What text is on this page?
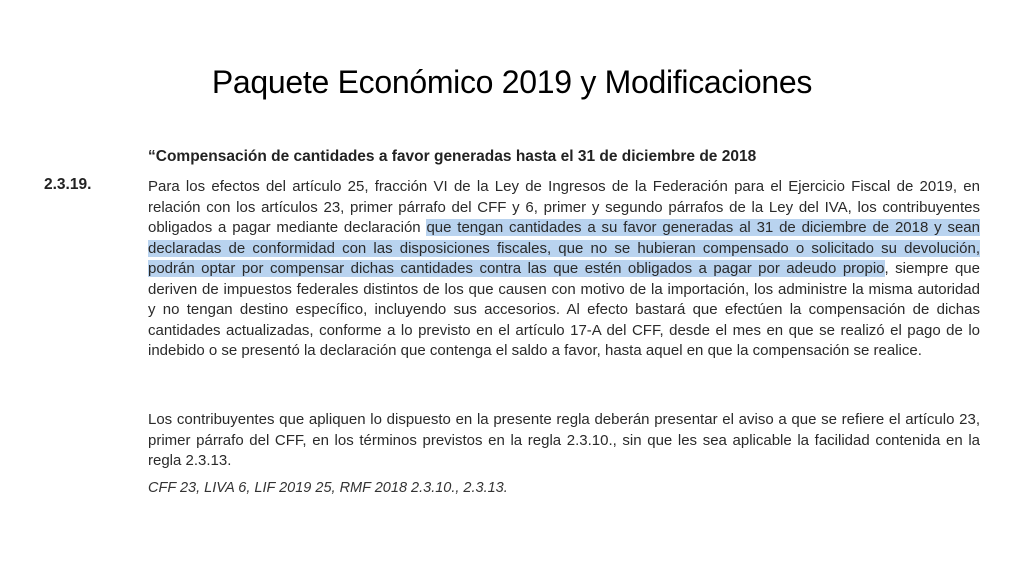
Paquete Económico 2019 y Modificaciones
“Compensación de cantidades a favor generadas hasta el 31 de diciembre de 2018
2.3.19.	Para los efectos del artículo 25, fracción VI de la Ley de Ingresos de la Federación para el Ejercicio Fiscal de 2019, en relación con los artículos 23, primer párrafo del CFF y 6, primer y segundo párrafos de la Ley del IVA, los contribuyentes obligados a pagar mediante declaración que tengan cantidades a su favor generadas al 31 de diciembre de 2018 y sean declaradas de conformidad con las disposiciones fiscales, que no se hubieran compensado o solicitado su devolución, podrán optar por compensar dichas cantidades contra las que estén obligados a pagar por adeudo propio, siempre que deriven de impuestos federales distintos de los que causen con motivo de la importación, los administre la misma autoridad y no tengan destino específico, incluyendo sus accesorios. Al efecto bastará que efectúen la compensación de dichas cantidades actualizadas, conforme a lo previsto en el artículo 17-A del CFF, desde el mes en que se realizó el pago de lo indebido o se presentó la declaración que contenga el saldo a favor, hasta aquel en que la compensación se realice.
Los contribuyentes que apliquen lo dispuesto en la presente regla deberán presentar el aviso a que se refiere el artículo 23, primer párrafo del CFF, en los términos previstos en la regla 2.3.10., sin que les sea aplicable la facilidad contenida en la regla 2.3.13.
CFF 23, LIVA 6, LIF 2019 25, RMF 2018 2.3.10., 2.3.13.
